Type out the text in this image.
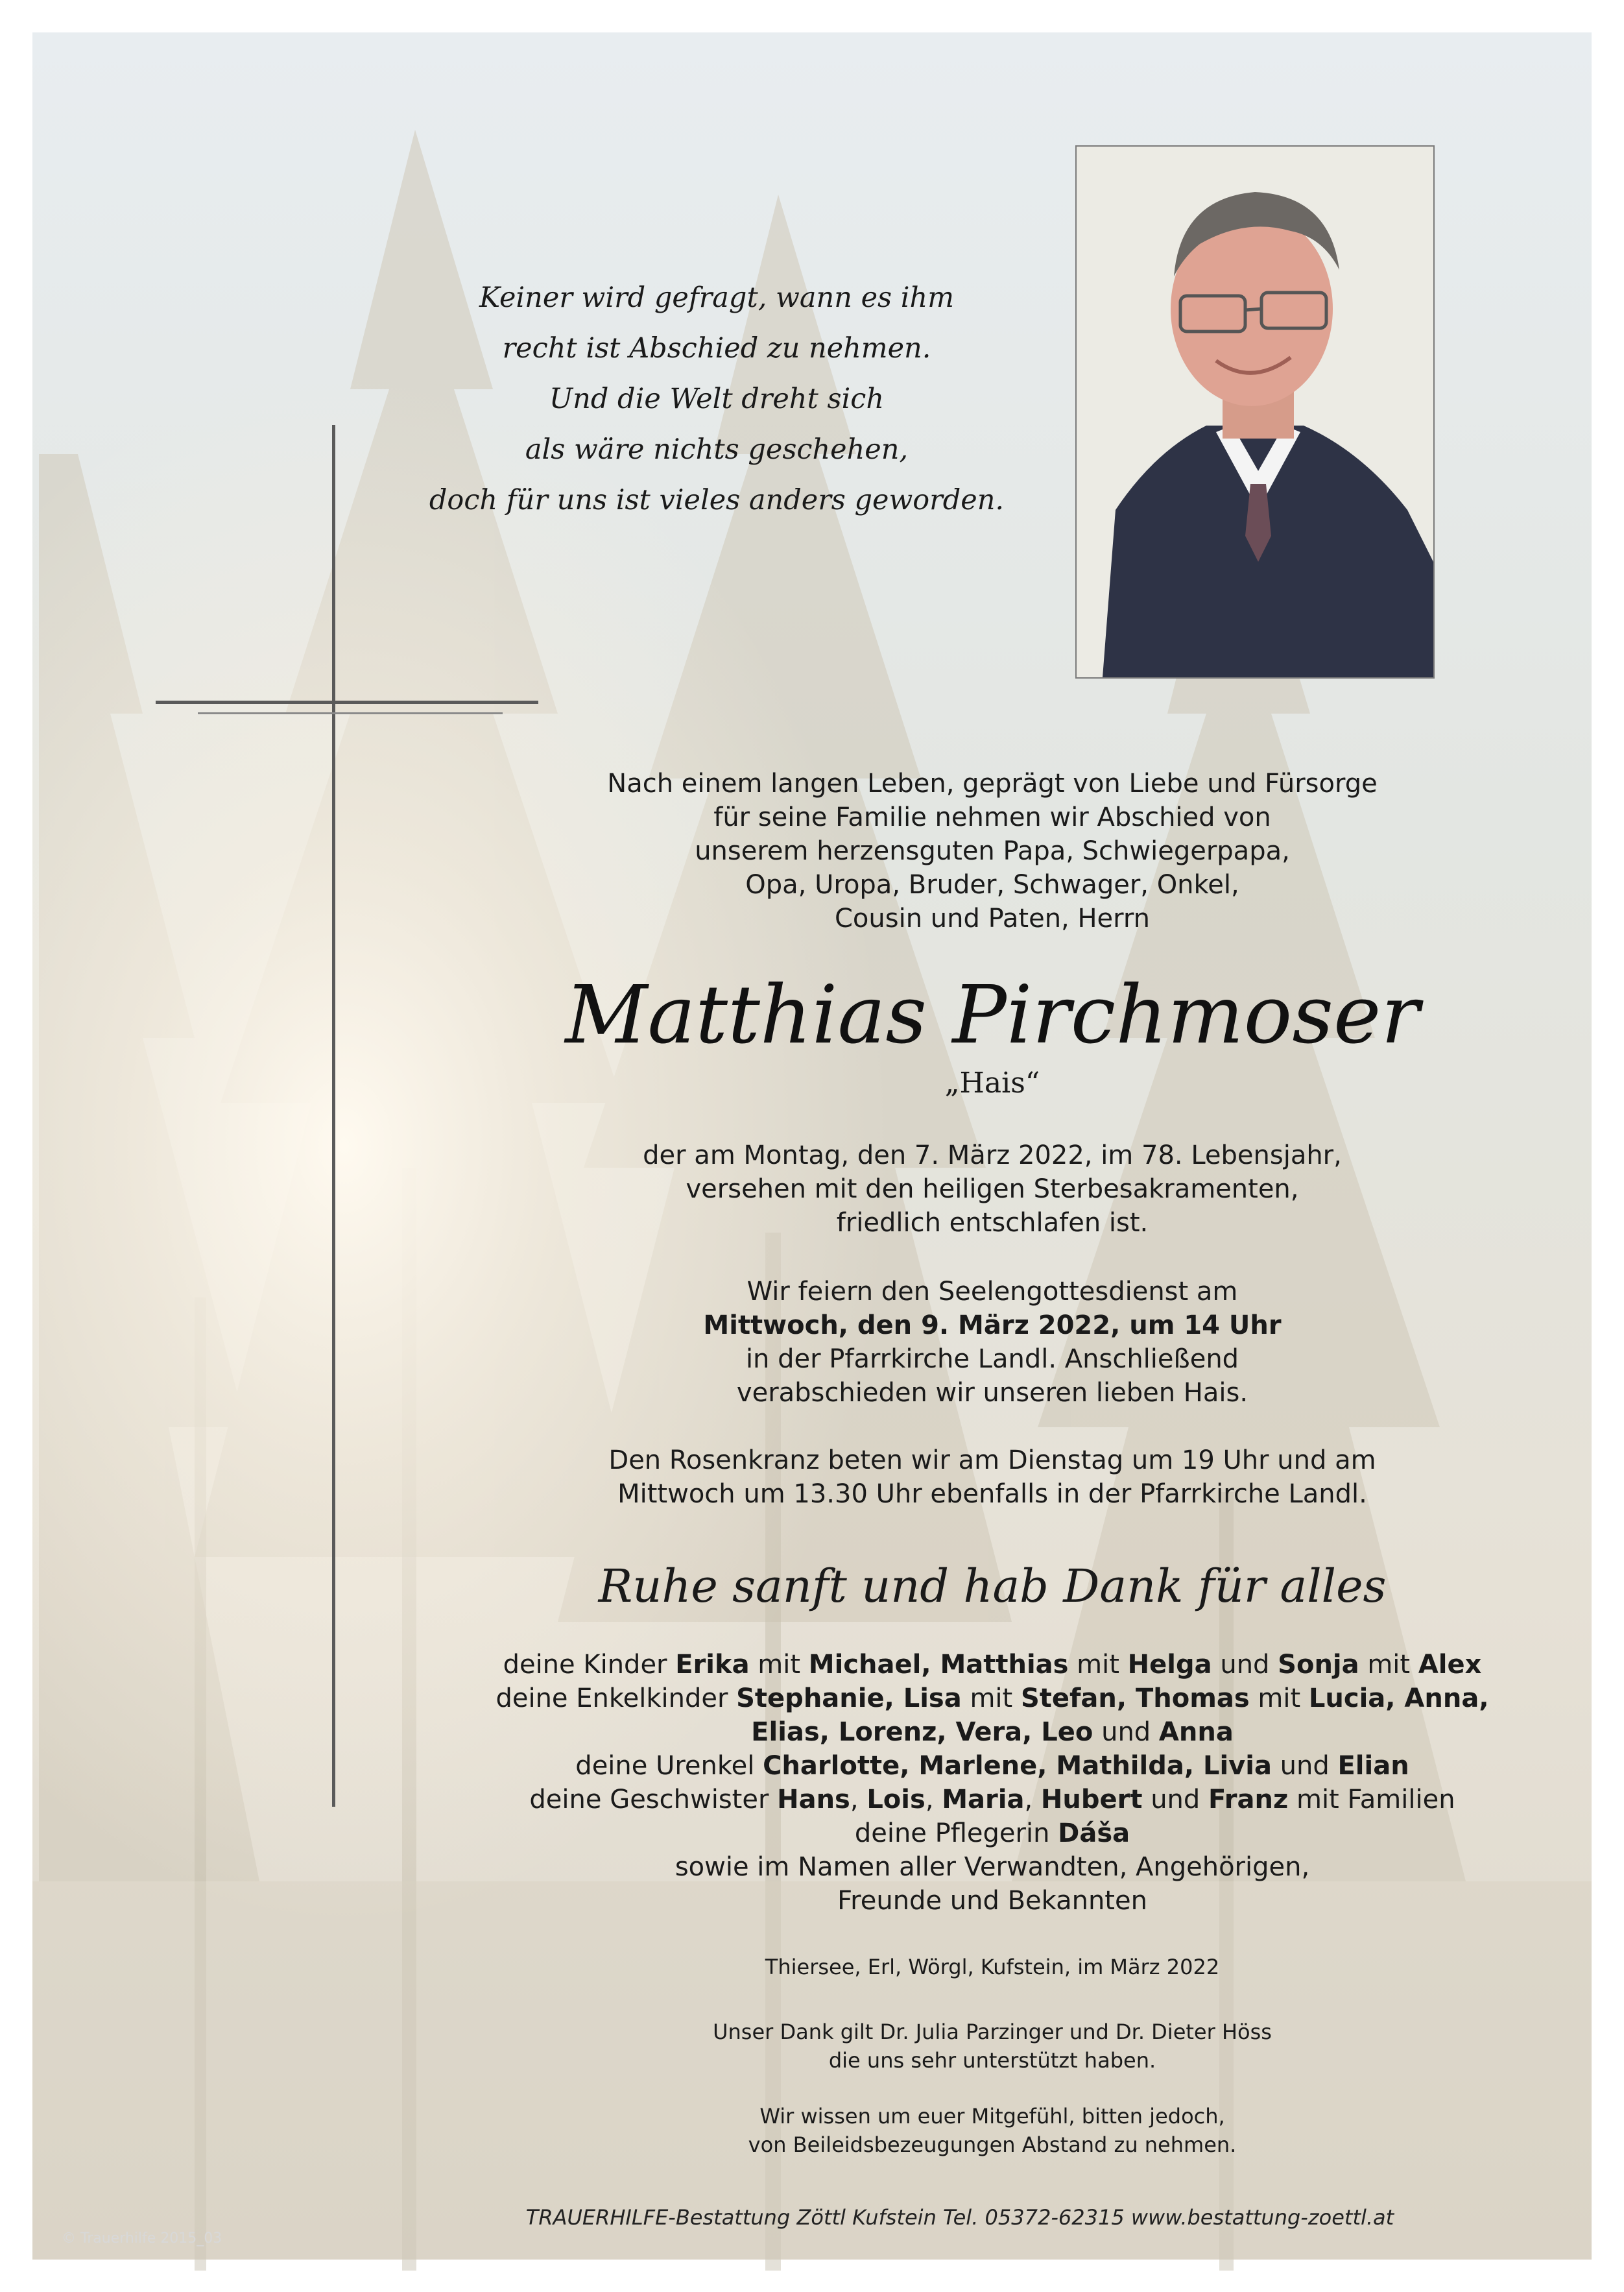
Keiner wird gefragt, wann es ihm
recht ist Abschied zu nehmen.
Und die Welt dreht sich
als wäre nichts geschehen,
doch für uns ist vieles anders geworden.
Nach einem langen Leben, geprägt von Liebe und Fürsorge
für seine Familie nehmen wir Abschied von
unserem herzensguten Papa, Schwiegerpapa,
Opa, Uropa, Bruder, Schwager, Onkel,
Cousin und Paten, Herrn
Matthias Pirchmoser
„Hais“
der am Montag, den 7. März 2022, im 78. Lebensjahr,
versehen mit den heiligen Sterbesakramenten,
friedlich entschlafen ist.
Wir feiern den Seelengottesdienst am
Mittwoch, den 9. März 2022, um 14 Uhr
in der Pfarrkirche Landl. Anschließend
verabschieden wir unseren lieben Hais.
Den Rosenkranz beten wir am Dienstag um 19 Uhr und am
Mittwoch um 13.30 Uhr ebenfalls in der Pfarrkirche Landl.
Ruhe sanft und hab Dank für alles
deine Kinder Erika mit Michael, Matthias mit Helga und Sonja mit Alex
deine Enkelkinder Stephanie, Lisa mit Stefan, Thomas mit Lucia, Anna,
Elias, Lorenz, Vera, Leo und Anna
deine Urenkel Charlotte, Marlene, Mathilda, Livia und Elian
deine Geschwister Hans, Lois, Maria, Hubert und Franz mit Familien
deine Pflegerin Dáša
sowie im Namen aller Verwandten, Angehörigen,
Freunde und Bekannten
Thiersee, Erl, Wörgl, Kufstein, im März 2022
Unser Dank gilt Dr. Julia Parzinger und Dr. Dieter Höss
die uns sehr unterstützt haben.
Wir wissen um euer Mitgefühl, bitten jedoch,
von Beileidsbezeugungen Abstand zu nehmen.
TRAUERHILFE-Bestattung Zöttl Kufstein Tel. 05372-62315 www.bestattung-zoettl.at
© Trauerhilfe 2015_03
